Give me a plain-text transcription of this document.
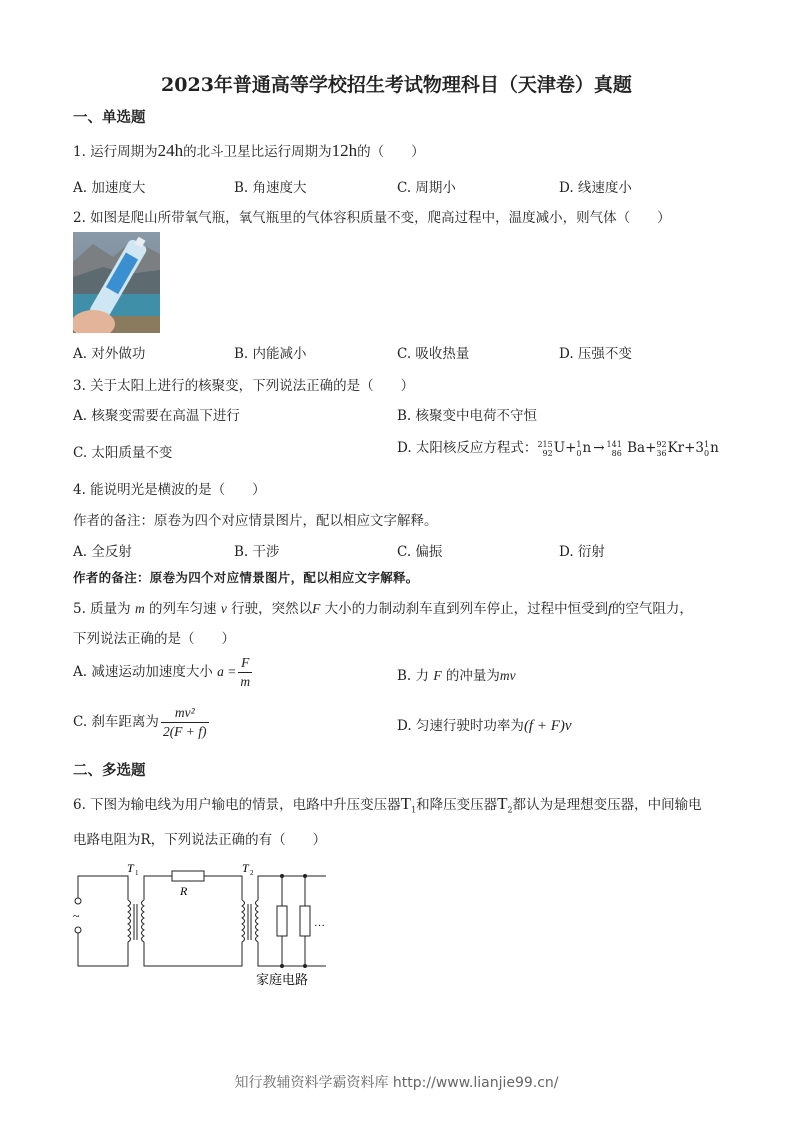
2023年普通高等学校招生考试物理科目（天津卷）真题
一、单选题
1. 运行周期为24h的北斗卫星比运行周期为12h的（　　）
A. 加速度大	B. 角速度大	C. 周期小	D. 线速度小
2. 如图是爬山所带氧气瓶，氧气瓶里的气体容积质量不变，爬高过程中，温度减小，则气体（　　）
A. 对外做功	B. 内能减小	C. 吸收热量	D. 压强不变
3. 关于太阳上进行的核聚变，下列说法正确的是（　　）
A. 核聚变需要在高温下进行	B. 核聚变中电荷不守恒
C. 太阳质量不变	D. 太阳核反应方程式：215
92U+1
0n → 141
86 Ba+92
36Kr+31
0n
4. 能说明光是横波的是（　　）
作者的备注：原卷为四个对应情景图片，配以相应文字解释。
A. 全反射	B. 干涉	C. 偏振	D. 衍射
作者的备注：原卷为四个对应情景图片，配以相应文字解释。
5. 质量为 m 的列车匀速 v 行驶，突然以F 大小的力制动刹车直到列车停止，过程中恒受到f的空气阻力，
下列说法正确的是（　　）
A. 减速运动加速度大小 $a = \frac{F}{m}$	B. 力 F 的冲量为mv
C. 刹车距离为 $\frac{\text{mv²}}{2(F + f)}$	D. 匀速行驶时功率为(f + F)v
二、多选题
6. 下图为输电线为用户输电的情景，电路中升压变压器$T_1$和降压变压器$T_2$都认为是理想变压器，中间输电
电路电阻为R，下列说法正确的有（　　）
~
T 1
R
T 2
…
家庭电路
知行教辅资料学霸资料库 http://www.lianjie99.cn/
